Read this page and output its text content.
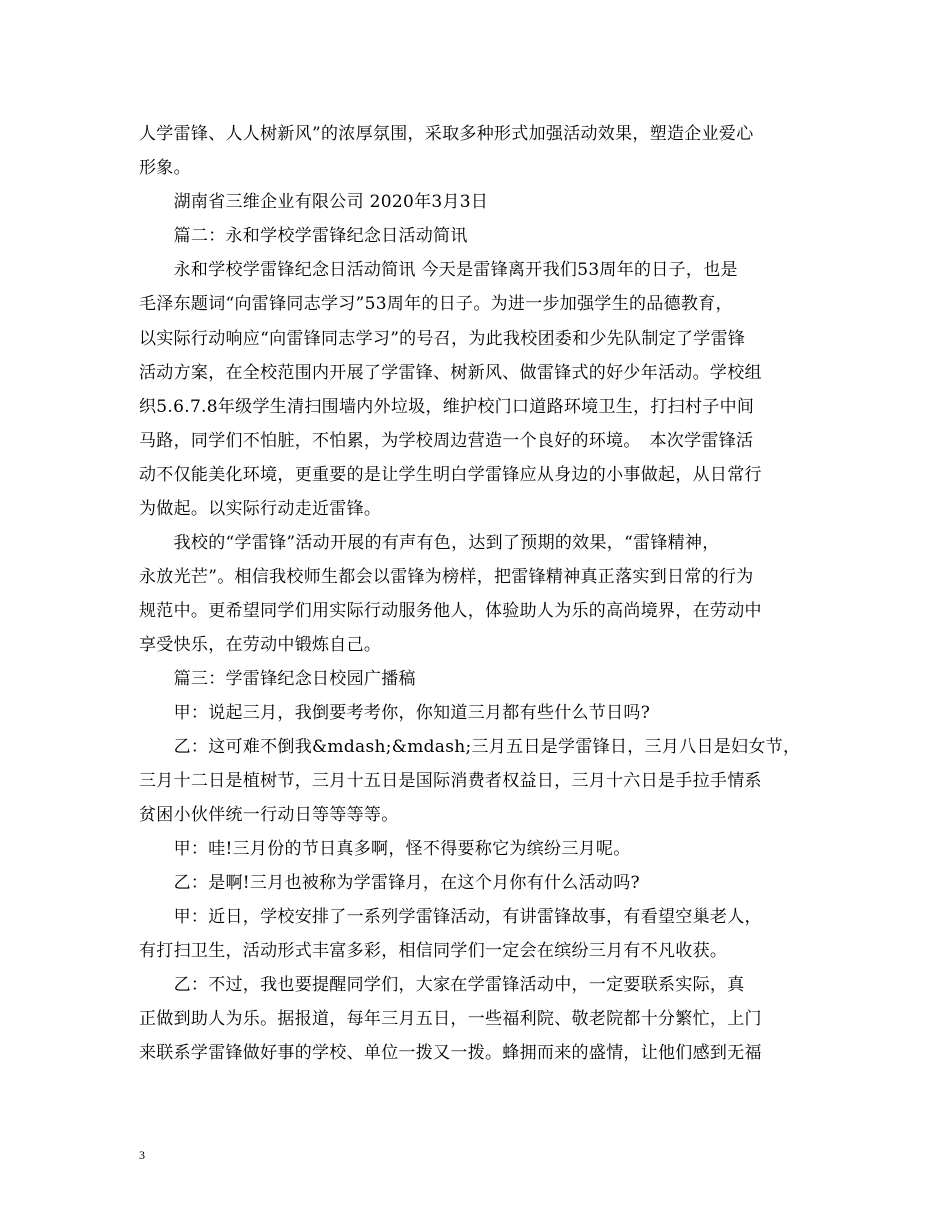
人学雷锋、人人树新风”的浓厚氛围，采取多种形式加强活动效果，塑造企业爱心
形象。
　　湖南省三维企业有限公司 2020年3月3日
　　篇二：永和学校学雷锋纪念日活动简讯
　　永和学校学雷锋纪念日活动简讯 今天是雷锋离开我们53周年的日子，也是
毛泽东题词“向雷锋同志学习”53周年的日子。为进一步加强学生的品德教育，
以实际行动响应“向雷锋同志学习”的号召，为此我校团委和少先队制定了学雷锋
活动方案，在全校范围内开展了学雷锋、树新风、做雷锋式的好少年活动。学校组
织5.6.7.8年级学生清扫围墙内外垃圾，维护校门口道路环境卫生，打扫村子中间
马路，同学们不怕脏，不怕累，为学校周边营造一个良好的环境。　本次学雷锋活
动不仅能美化环境，更重要的是让学生明白学雷锋应从身边的小事做起，从日常行
为做起。以实际行动走近雷锋。
　　我校的“学雷锋”活动开展的有声有色，达到了预期的效果，“雷锋精神，
永放光芒”。相信我校师生都会以雷锋为榜样，把雷锋精神真正落实到日常的行为
规范中。更希望同学们用实际行动服务他人，体验助人为乐的高尚境界，在劳动中
享受快乐，在劳动中锻炼自己。
　　篇三：学雷锋纪念日校园广播稿
　　甲：说起三月，我倒要考考你，你知道三月都有些什么节日吗?
　　乙：这可难不倒我&mdash;&mdash;三月五日是学雷锋日，三月八日是妇女节，
三月十二日是植树节，三月十五日是国际消费者权益日，三月十六日是手拉手情系
贫困小伙伴统一行动日等等等等。
　　甲：哇!三月份的节日真多啊，怪不得要称它为缤纷三月呢。
　　乙：是啊!三月也被称为学雷锋月，在这个月你有什么活动吗?
　　甲：近日，学校安排了一系列学雷锋活动，有讲雷锋故事，有看望空巢老人，
有打扫卫生，活动形式丰富多彩，相信同学们一定会在缤纷三月有不凡收获。
　　乙：不过，我也要提醒同学们，大家在学雷锋活动中，一定要联系实际，真
正做到助人为乐。据报道，每年三月五日，一些福利院、敬老院都十分繁忙，上门
来联系学雷锋做好事的学校、单位一拨又一拨。蜂拥而来的盛情，让他们感到无福
3
